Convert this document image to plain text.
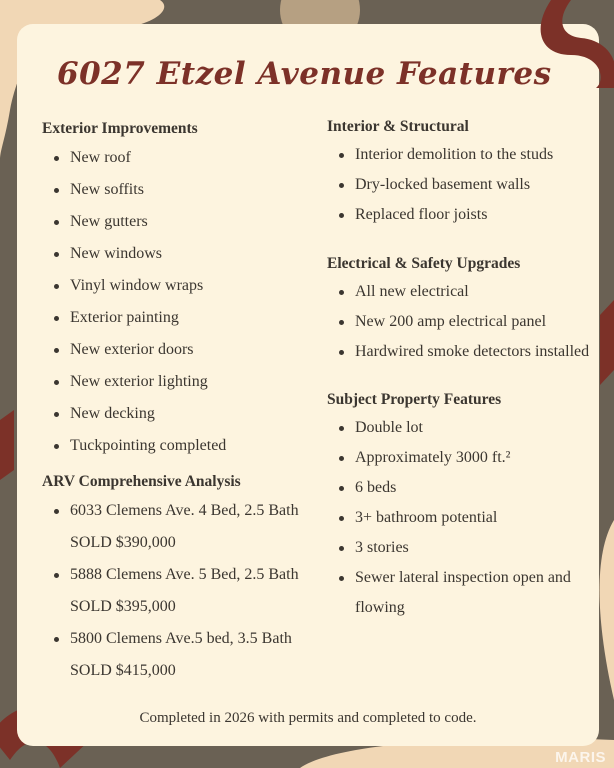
6027 Etzel Avenue Features
Exterior Improvements
New roof
New soffits
New gutters
New windows
Vinyl window wraps
Exterior painting
New exterior doors
New exterior lighting
New decking
Tuckpointing completed
ARV Comprehensive Analysis
6033 Clemens Ave. 4 Bed, 2.5 Bath SOLD $390,000
5888 Clemens Ave. 5 Bed, 2.5 Bath SOLD $395,000
5800 Clemens Ave.5 bed, 3.5 Bath SOLD $415,000
Interior & Structural
Interior demolition to the studs
Dry-locked basement walls
Replaced floor joists
Electrical & Safety Upgrades
All new electrical
New 200 amp electrical panel
Hardwired smoke detectors installed
Subject Property Features
Double lot
Approximately 3000 ft.²
6 beds
3+ bathroom potential
3 stories
Sewer lateral inspection open and flowing
Completed in 2026 with permits and completed to code.
MARIS
